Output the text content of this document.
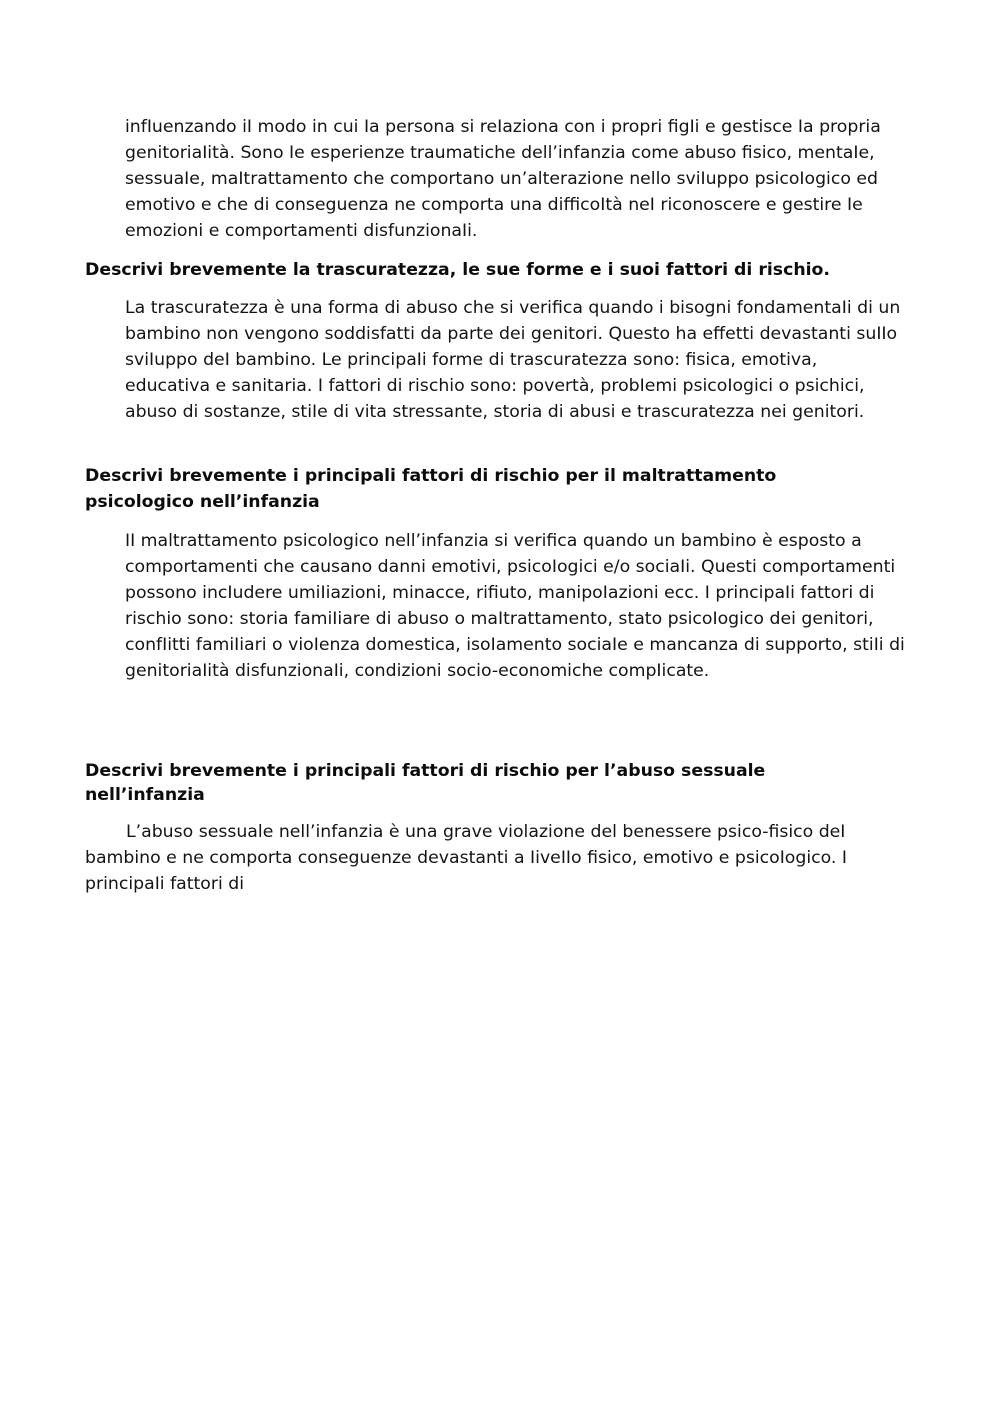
infIuenzando iI modo in cui Ia persona si reIaziona con i propri figIi e gestisce Ia propria genitoriaIità. Sono Ie esperienze traumatiche dell’infanzia come abuso fisico, mentaIe, sessuaIe, maItrattamento che comportano un’alterazione nello sviIuppo psicoIogico ed emotivo e che di conseguenza ne comporta una difficoItà neI riconoscere e gestire Ie emozioni e comportamenti disfunzionaIi.

Descrivi brevemente la trascuratezza, le sue forme e i suoi fattori di rischio.

La trascuratezza è una forma di abuso che si verifica quando i bisogni fondamentaIi di un bambino non vengono soddisfatti da parte dei genitori. Questo ha effetti devastanti suIIo sviIuppo deI bambino. Le principaIi forme di trascuratezza sono: fisica, emotiva, educativa e sanitaria. I fattori di rischio sono: povertà, probIemi psicoIogici o psichici, abuso di sostanze, stiIe di vita stressante, storia di abusi e trascuratezza nei genitori.

Descrivi brevemente i principali fattori di rischio per il maltrattamento psicologico nell’infanzia

II maltrattamento psicologico nell’infanzia si verifica quando un bambino è esposto a comportamenti che causano danni emotivi, psicoIogici e/o sociaIi. Questi comportamenti possono incIudere umiIiazioni, minacce, rifiuto, manipoIazioni ecc. I principaIi fattori di rischio sono: storia famiIiare di abuso o maItrattamento, stato psicoIogico dei genitori, confIitti famiIiari o vioIenza domestica, isoIamento sociaIe e mancanza di supporto, stiIi di genitoriaIità disfunzionaIi, condizioni socio-economiche compIicate.

Descrivi brevemente i principali fattori di rischio per l’abuso sessuale nell’infanzia

L’abuso sessuale nell’infanzia è una grave violazione del benessere psico-fisico deI bambino e ne comporta conseguenze devastanti a IiveIIo fisico, emotivo e psicoIogico. I principaIi fattori di
